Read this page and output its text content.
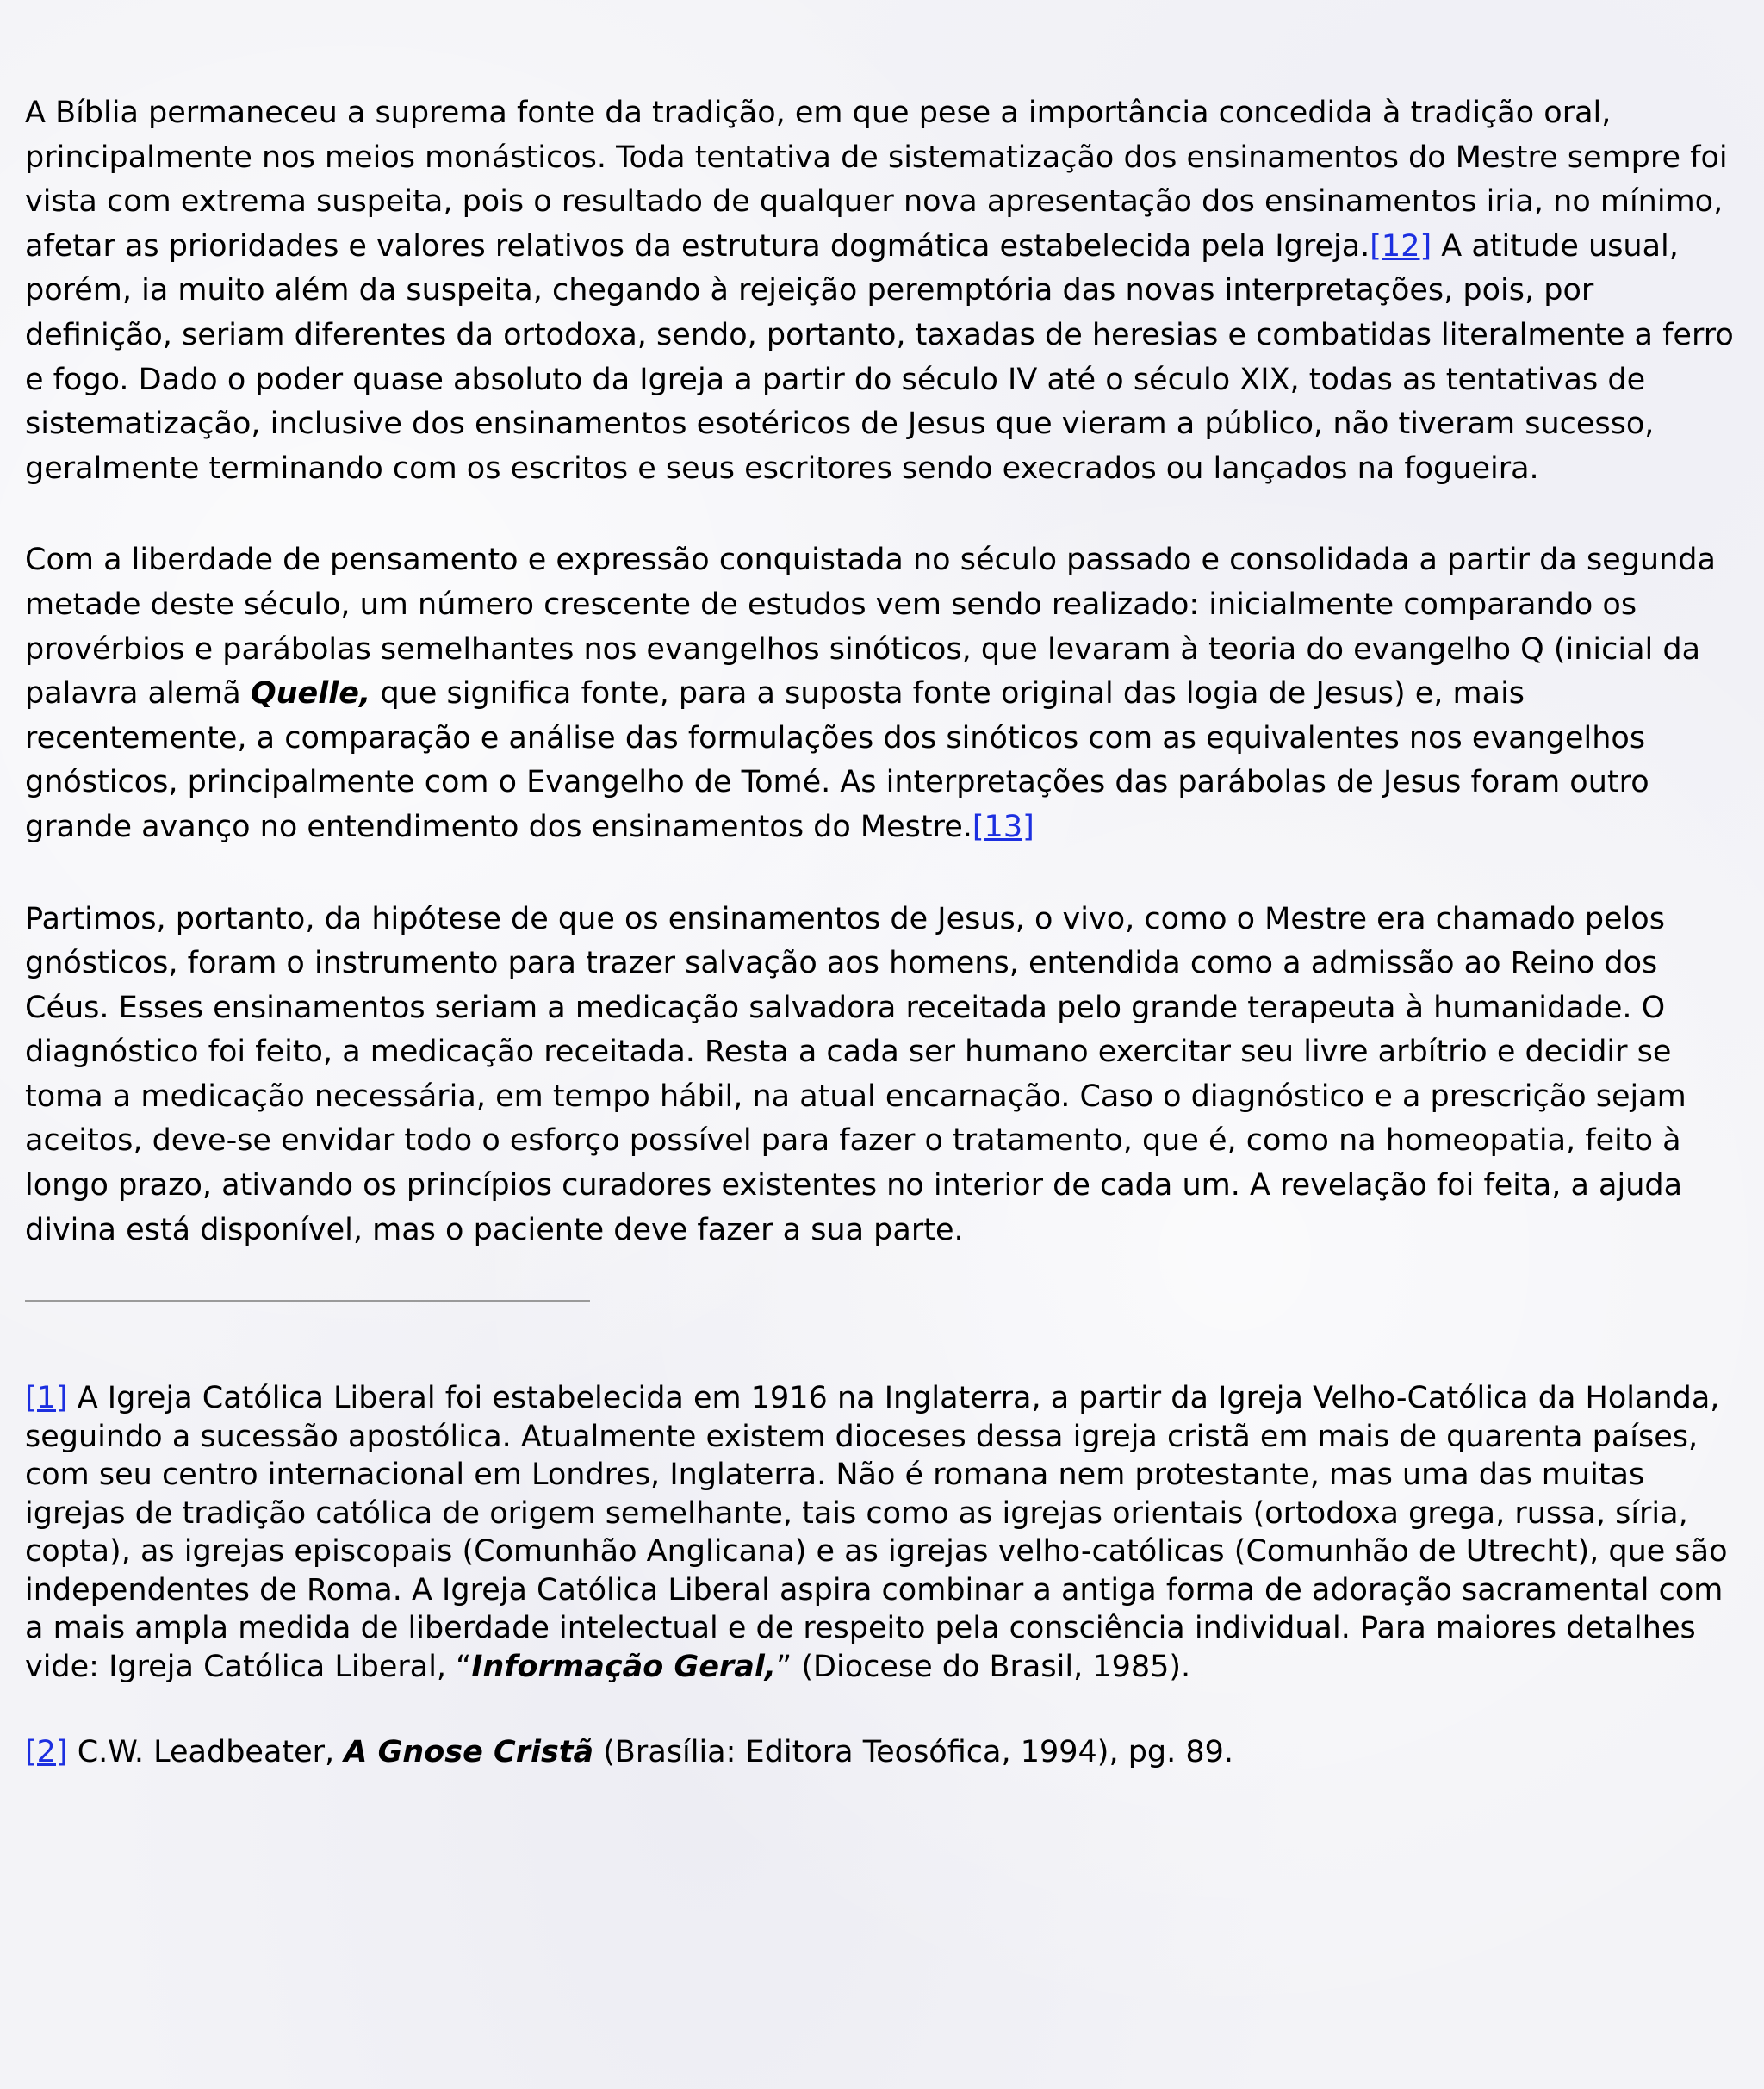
A Bíblia permaneceu a suprema fonte da tradição, em que pese a importância concedida à tradição oral, principalmente nos meios monásticos. Toda tentativa de sistematização dos ensinamentos do Mestre sempre foi vista com extrema suspeita, pois o resultado de qualquer nova apresentação dos ensinamentos iria, no mínimo, afetar as prioridades e valores relativos da estrutura dogmática estabelecida pela Igreja.[12] A atitude usual, porém, ia muito além da suspeita, chegando à rejeição peremptória das novas interpretações, pois, por definição, seriam diferentes da ortodoxa, sendo, portanto, taxadas de heresias e combatidas literalmente a ferro e fogo. Dado o poder quase absoluto da Igreja a partir do século IV até o século XIX, todas as tentativas de sistematização, inclusive dos ensinamentos esotéricos de Jesus que vieram a público, não tiveram sucesso, geralmente terminando com os escritos e seus escritores sendo execrados ou lançados na fogueira.

Com a liberdade de pensamento e expressão conquistada no século passado e consolidada a partir da segunda metade deste século, um número crescente de estudos vem sendo realizado: inicialmente comparando os provérbios e parábolas semelhantes nos evangelhos sinóticos, que levaram à teoria do evangelho Q (inicial da palavra alemã Quelle, que significa fonte, para a suposta fonte original das logia de Jesus) e, mais recentemente, a comparação e análise das formulações dos sinóticos com as equivalentes nos evangelhos gnósticos, principalmente com o Evangelho de Tomé. As interpretações das parábolas de Jesus foram outro grande avanço no entendimento dos ensinamentos do Mestre.[13]

Partimos, portanto, da hipótese de que os ensinamentos de Jesus, o vivo, como o Mestre era chamado pelos gnósticos, foram o instrumento para trazer salvação aos homens, entendida como a admissão ao Reino dos Céus. Esses ensinamentos seriam a medicação salvadora receitada pelo grande terapeuta à humanidade. O diagnóstico foi feito, a medicação receitada. Resta a cada ser humano exercitar seu livre arbítrio e decidir se toma a medicação necessária, em tempo hábil, na atual encarnação. Caso o diagnóstico e a prescrição sejam aceitos, deve-se envidar todo o esforço possível para fazer o tratamento, que é, como na homeopatia, feito à longo prazo, ativando os princípios curadores existentes no interior de cada um. A revelação foi feita, a ajuda divina está disponível, mas o paciente deve fazer a sua parte.

[1] A Igreja Católica Liberal foi estabelecida em 1916 na Inglaterra, a partir da Igreja Velho-Católica da Holanda, seguindo a sucessão apostólica. Atualmente existem dioceses dessa igreja cristã em mais de quarenta países, com seu centro internacional em Londres, Inglaterra. Não é romana nem protestante, mas uma das muitas igrejas de tradição católica de origem semelhante, tais como as igrejas orientais (ortodoxa grega, russa, síria, copta), as igrejas episcopais (Comunhão Anglicana) e as igrejas velho-católicas (Comunhão de Utrecht), que são independentes de Roma. A Igreja Católica Liberal aspira combinar a antiga forma de adoração sacramental com a mais ampla medida de liberdade intelectual e de respeito pela consciência individual. Para maiores detalhes vide: Igreja Católica Liberal, “Informação Geral,” (Diocese do Brasil, 1985).

[2] C.W. Leadbeater, A Gnose Cristã (Brasília: Editora Teosófica, 1994), pg. 89.
